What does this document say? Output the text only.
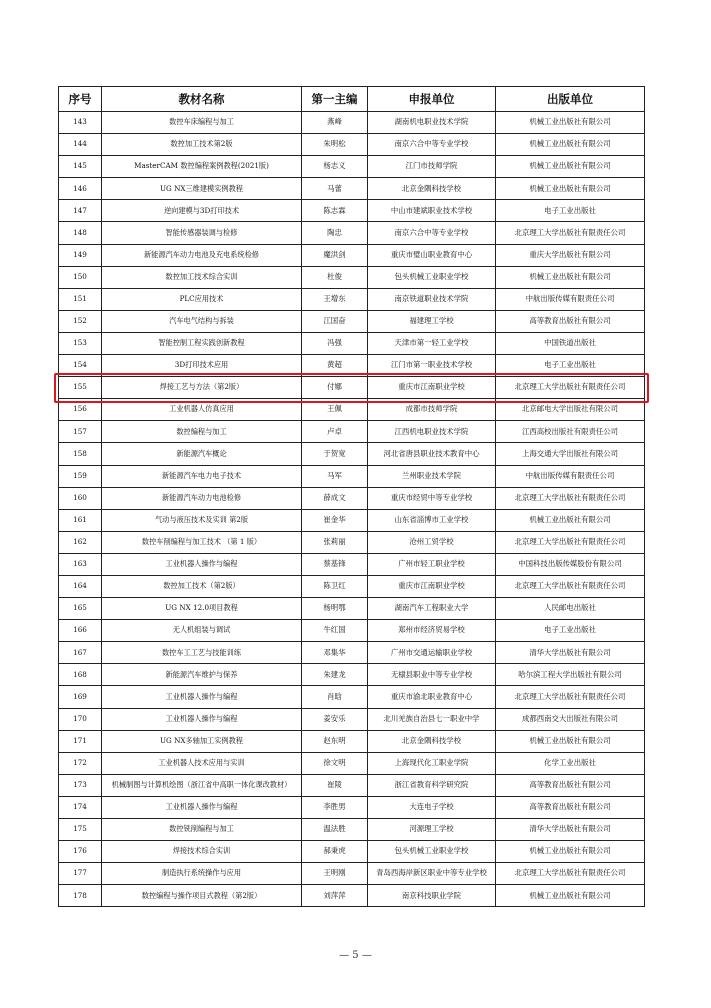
序号	教材名称	第一主编	申报单位	出版单位
143	数控车床编程与加工	燕峰	湖南机电职业技术学院	机械工业出版社有限公司
144	数控加工技术第2版	朱明松	南京六合中等专业学校	机械工业出版社有限公司
145	MasterCAM 数控编程案例教程(2021版)	杨志义	江门市技师学院	机械工业出版社有限公司
146	UG NX三维建模实例教程	马蕾	北京金隅科技学校	机械工业出版社有限公司
147	逆向建模与3D打印技术	陈志霖	中山市建斌职业技术学校	电子工业出版社
148	智能传感器装调与检修	陶忠	南京六合中等专业学校	北京理工大学出版社有限责任公司
149	新能源汽车动力电池及充电系统检修	魔洪剑	重庆市璧山职业教育中心	重庆大学出版社有限公司
150	数控加工技术综合实训	杜俊	包头机械工业职业学校	机械工业出版社有限公司
151	PLC应用技术	王增东	南京铁道职业技术学院	中航出版传媒有限责任公司
152	汽车电气结构与拆装	江国奋	福建理工学校	高等教育出版社有限公司
153	智能控制工程实践创新教程	冯强	天津市第一轻工业学校	中国铁道出版社
154	3D打印技术应用	黄超	江门市第一职业技术学校	电子工业出版社
155	焊接工艺与方法（第2版）	付娜	重庆市江南职业学校	北京理工大学出版社有限责任公司
156	工业机器人仿真应用	王佩	成都市技师学院	北京邮电大学出版社有限公司
157	数控编程与加工	卢卓	江西机电职业技术学院	江西高校出版社有限责任公司
158	新能源汽车概论	于贺宽	河北省唐县职业技术教育中心	上海交通大学出版社有限公司
159	新能源汽车电力电子技术	马军	兰州职业技术学院	中航出版传媒有限责任公司
160	新能源汽车动力电池检修	薛成文	重庆市经贸中等专业学校	北京理工大学出版社有限责任公司
161	气动与液压技术及实训 第2版	崔金华	山东省淄博市工业学校	机械工业出版社有限公司
162	数控车削编程与加工技术 （第 1 版）	张莉丽	沧州工贸学校	北京理工大学出版社有限责任公司
163	工业机器人操作与编程	蔡基锋	广州市轻工职业学校	中国科技出版传媒股份有限公司
164	数控加工技术（第2版）	陈卫红	重庆市江南职业学校	北京理工大学出版社有限责任公司
165	UG NX 12.0项目教程	杨明鄂	湖南汽车工程职业大学	人民邮电出版社
166	无人机组装与调试	牛红国	郑州市经济贸易学校	电子工业出版社
167	数控车工工艺与技能训练	邓集华	广州市交通运输职业学校	清华大学出版社有限公司
168	新能源汽车维护与保养	朱建龙	无棣县职业中等专业学校	哈尔滨工程大学出版社有限公司
169	工业机器人操作与编程	肖晗	重庆市渝北职业教育中心	北京理工大学出版社有限责任公司
170	工业机器人操作与编程	姜安乐	北川羌族自治县七一职业中学	成都西南交大出版社有限公司
171	UG NX多轴加工实例教程	赵东明	北京金隅科技学校	机械工业出版社有限公司
172	工业机器人技术应用与实训	徐文明	上海现代化工职业学院	化学工业出版社
173	机械制图与计算机绘图（浙江省中高职一体化课改教材）	崔陵	浙江省教育科学研究院	高等教育出版社有限公司
174	工业机器人操作与编程	李胜男	大连电子学校	高等教育出版社有限公司
175	数控铣削编程与加工	温法胜	河源理工学校	清华大学出版社有限公司
176	焊接技术综合实训	郝秉虎	包头机械工业职业学校	机械工业出版社有限公司
177	制造执行系统操作与应用	王明刚	青岛西海岸新区职业中等专业学校	北京理工大学出版社有限责任公司
178	数控编程与操作项目式教程（第2版）	刘萍萍	南京科技职业学院	机械工业出版社有限公司
— 5 —
